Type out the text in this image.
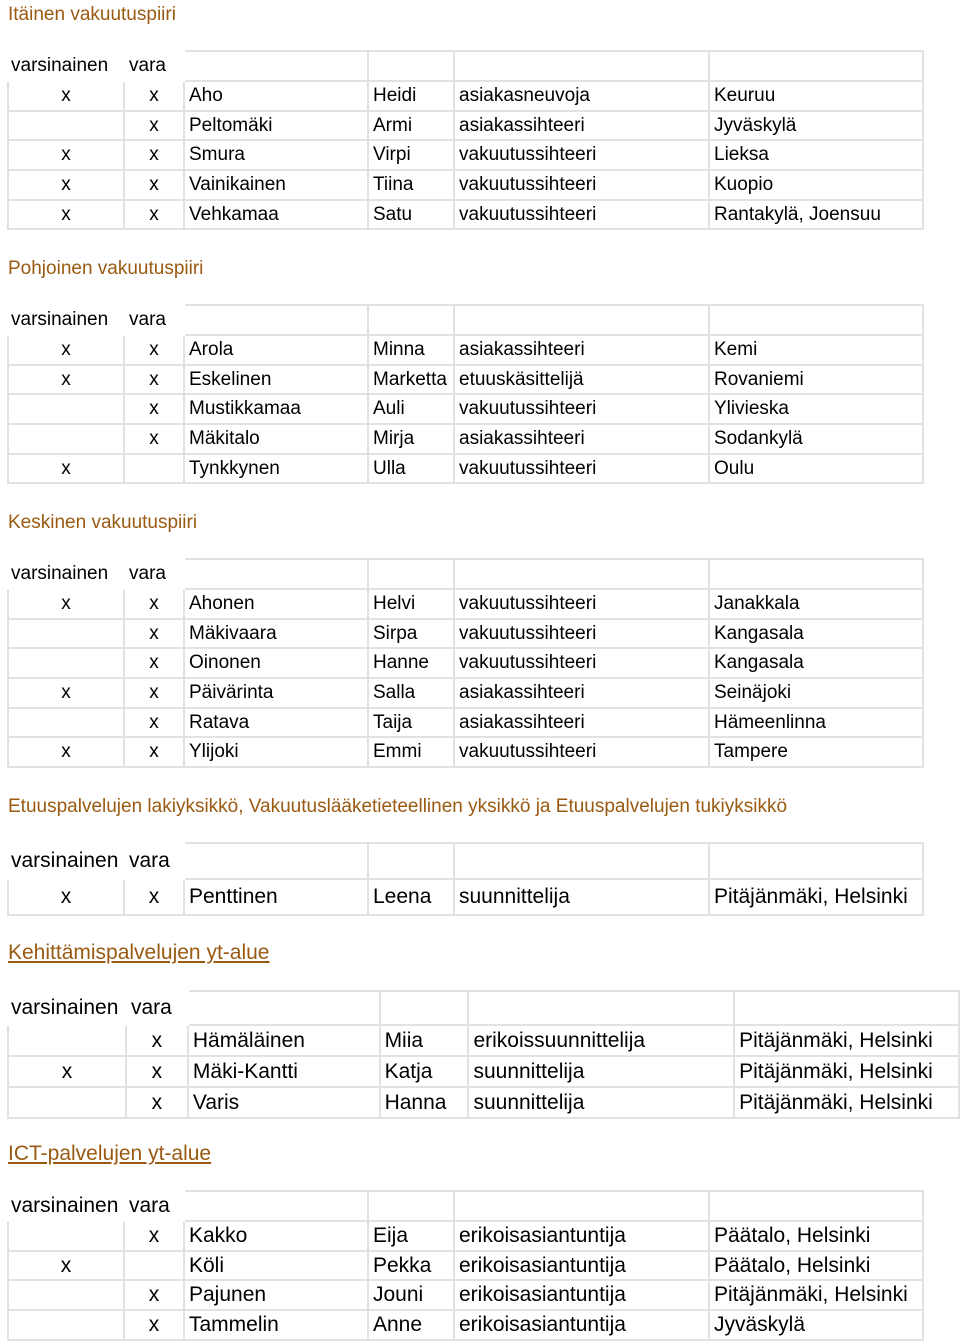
Itäinen vakuutuspiiri
varsinainen	vara				
x	x	Aho	Heidi	asiakasneuvoja	Keuruu
	x	Peltomäki	Armi	asiakassihteeri	Jyväskylä
x	x	Smura	Virpi	vakuutussihteeri	Lieksa
x	x	Vainikainen	Tiina	vakuutussihteeri	Kuopio
x	x	Vehkamaa	Satu	vakuutussihteeri	Rantakylä, Joensuu
Pohjoinen vakuutuspiiri
varsinainen	vara				
x	x	Arola	Minna	asiakassihteeri	Kemi
x	x	Eskelinen	Marketta	etuuskäsittelijä	Rovaniemi
	x	Mustikkamaa	Auli	vakuutussihteeri	Ylivieska
	x	Mäkitalo	Mirja	asiakassihteeri	Sodankylä
x		Tynkkynen	Ulla	vakuutussihteeri	Oulu
Keskinen vakuutuspiiri
varsinainen	vara				
x	x	Ahonen	Helvi	vakuutussihteeri	Janakkala
	x	Mäkivaara	Sirpa	vakuutussihteeri	Kangasala
	x	Oinonen	Hanne	vakuutussihteeri	Kangasala
x	x	Päivärinta	Salla	asiakassihteeri	Seinäjoki
	x	Ratava	Taija	asiakassihteeri	Hämeenlinna
x	x	Ylijoki	Emmi	vakuutussihteeri	Tampere
Etuuspalvelujen lakiyksikkö, Vakuutuslääketieteellinen yksikkö ja Etuuspalvelujen tukiyksikkö
varsinainen	vara				
x	x	Penttinen	Leena	suunnittelija	Pitäjänmäki, Helsinki
Kehittämispalvelujen yt-alue
varsinainen	vara				
	x	Hämäläinen	Miia	erikoissuunnittelija	Pitäjänmäki, Helsinki
x	x	Mäki-Kantti	Katja	suunnittelija	Pitäjänmäki, Helsinki
	x	Varis	Hanna	suunnittelija	Pitäjänmäki, Helsinki
ICT-palvelujen yt-alue
varsinainen	vara				
	x	Kakko	Eija	erikoisasiantuntija	Päätalo, Helsinki
x		Köli	Pekka	erikoisasiantuntija	Päätalo, Helsinki
	x	Pajunen	Jouni	erikoisasiantuntija	Pitäjänmäki, Helsinki
	x	Tammelin	Anne	erikoisasiantuntija	Jyväskylä
